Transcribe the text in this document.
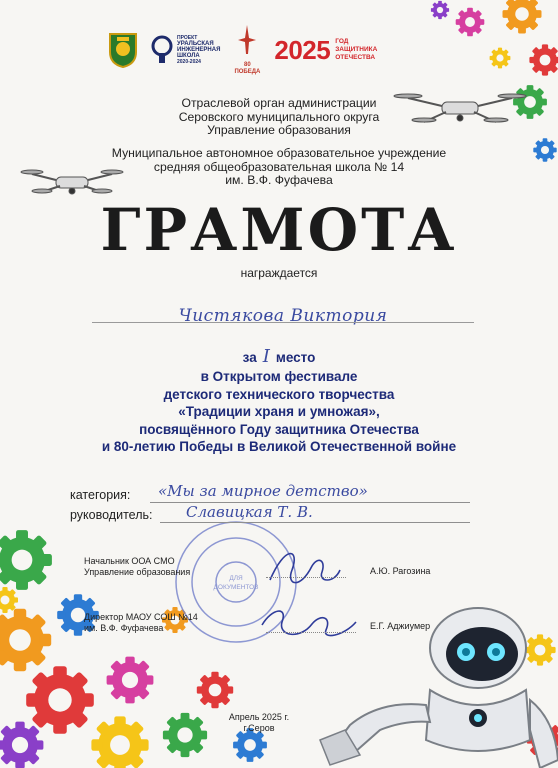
ДЛЯ
ДОКУМЕНТОВ
ПРОЕКТ
УРАЛЬСКАЯ
ИНЖЕНЕРНАЯ
ШКОЛА
2020-2024	80 ПОБЕДА
2025 ГОД
ЗАЩИТНИКА
ОТЕЧЕСТВА
Отраслевой орган администрации
Серовского муниципального округа
Управление образования
Муниципальное автономное образовательное учреждение
средняя общеобразовательная школа № 14
им. В.Ф. Фуфачева
ГРАМОТА
награждается
Чистякова Виктория
за I место
в Открытом фестивале
детского технического творчества
«Традиции храня и умножая»,
посвящённого Году защитника Отечества
и 80-летию Победы в Великой Отечественной войне
категория: «Мы за мирное детство»
руководитель: Славицкая Т. В.
Начальник ООА СМО
Управление образования	А.Ю. Рагозина
Директор МАОУ СОШ №14
им. В.Ф. Фуфачева	Е.Г. Аджиумер
Апрель 2025 г.
г.Серов
